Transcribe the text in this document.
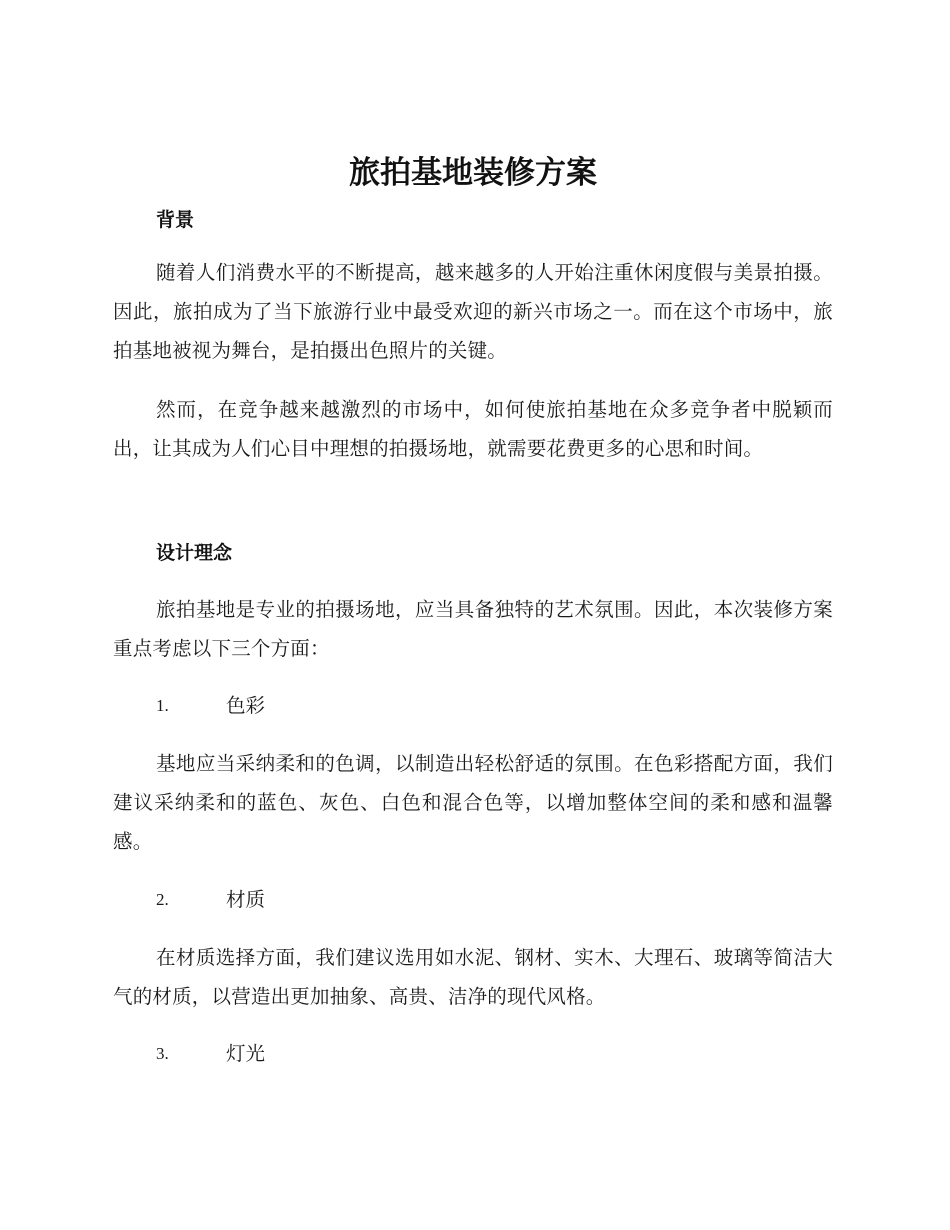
旅拍基地装修方案
背景

随着人们消费水平的不断提高，越来越多的人开始注重休闲度假与美景拍摄。因此，旅拍成为了当下旅游行业中最受欢迎的新兴市场之一。而在这个市场中，旅拍基地被视为舞台，是拍摄出色照片的关键。

然而，在竞争越来越激烈的市场中，如何使旅拍基地在众多竞争者中脱颖而出，让其成为人们心目中理想的拍摄场地，就需要花费更多的心思和时间。

设计理念

旅拍基地是专业的拍摄场地，应当具备独特的艺术氛围。因此，本次装修方案重点考虑以下三个方面：

1.	色彩

基地应当采纳柔和的色调，以制造出轻松舒适的氛围。在色彩搭配方面，我们建议采纳柔和的蓝色、灰色、白色和混合色等，以增加整体空间的柔和感和温馨感。

2.	材质

在材质选择方面，我们建议选用如水泥、钢材、实木、大理石、玻璃等简洁大气的材质，以营造出更加抽象、高贵、洁净的现代风格。

3.	灯光
